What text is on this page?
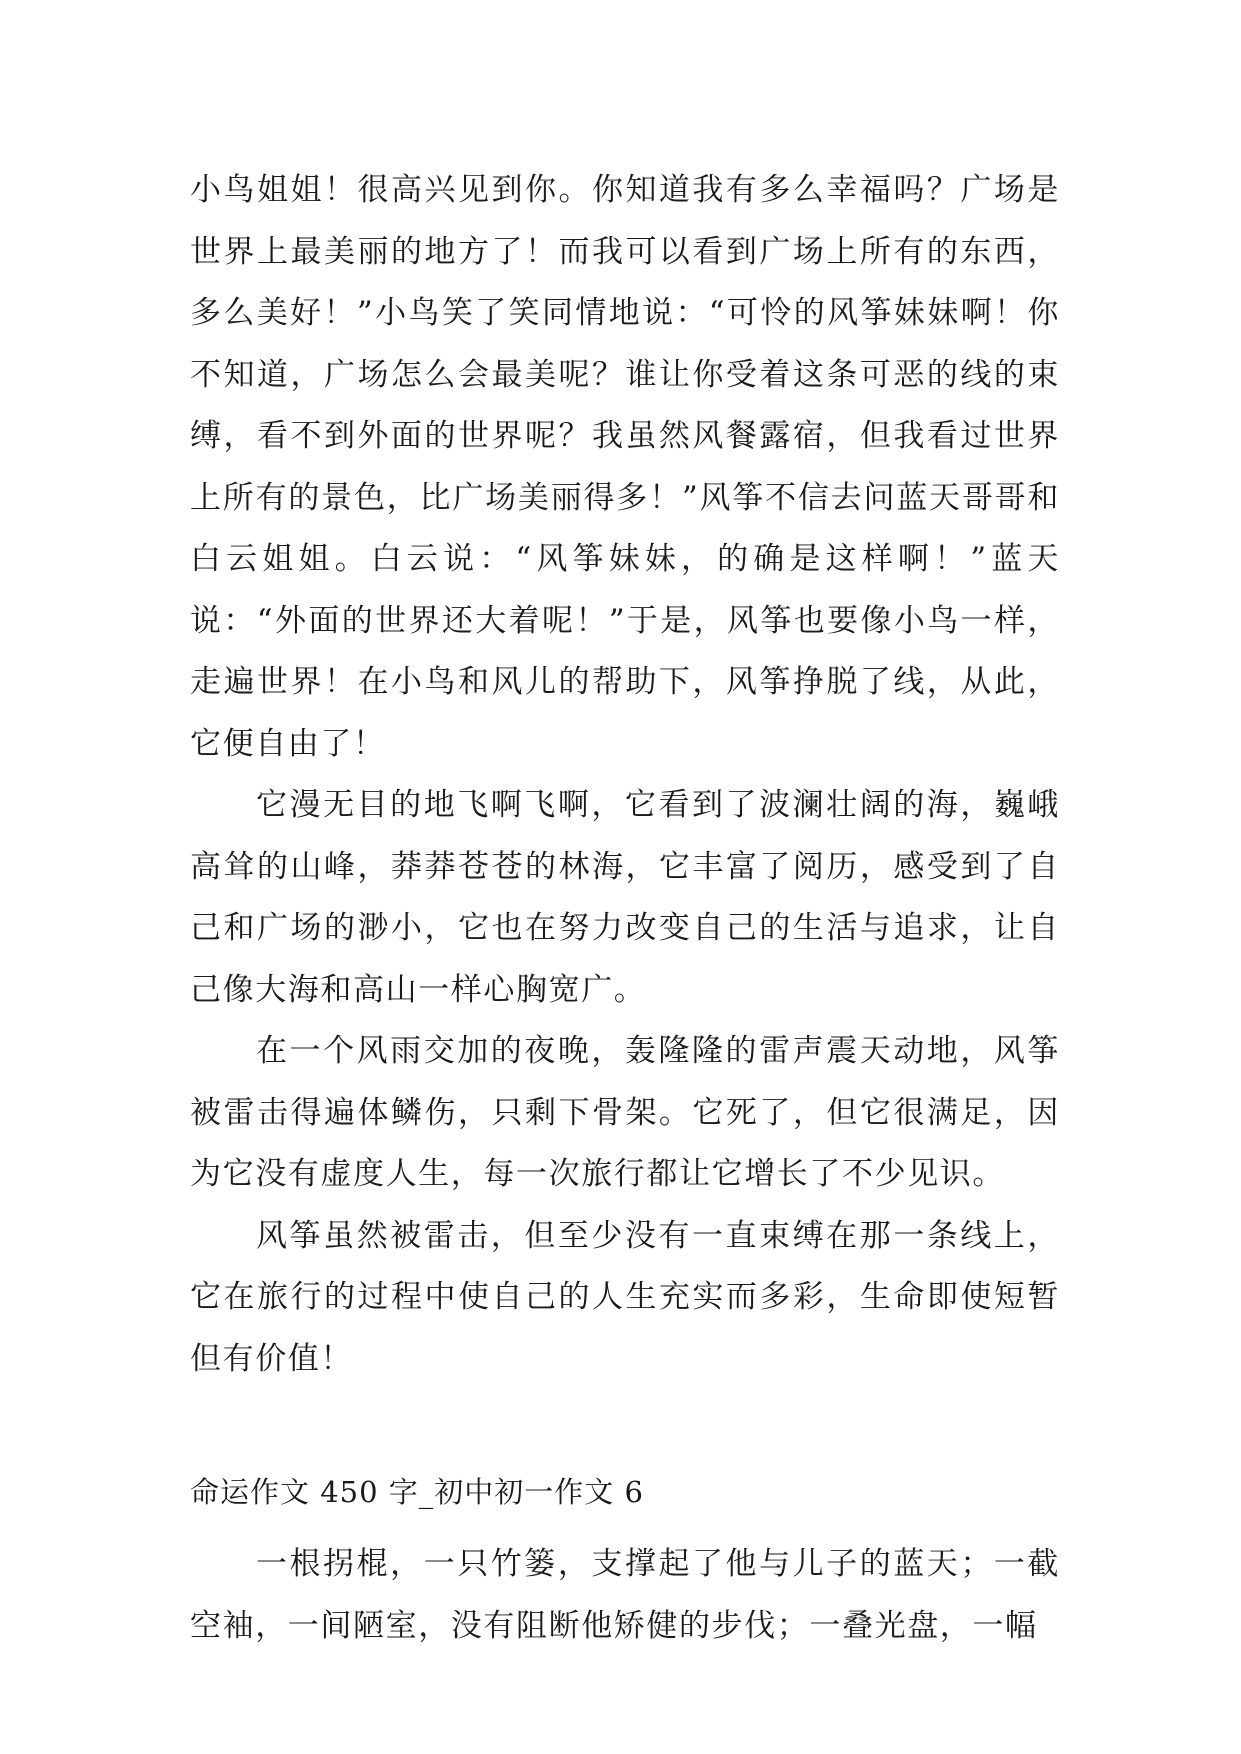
小鸟姐姐！很高兴见到你。你知道我有多么幸福吗？广场是世界上最美丽的地方了！而我可以看到广场上所有的东西，多么美好！”小鸟笑了笑同情地说：“可怜的风筝妹妹啊！你不知道，广场怎么会最美呢？谁让你受着这条可恶的线的束缚，看不到外面的世界呢？我虽然风餐露宿，但我看过世界上所有的景色，比广场美丽得多！”风筝不信去问蓝天哥哥和白云姐姐。白云说：“风筝妹妹，的确是这样啊！”蓝天说：“外面的世界还大着呢！”于是，风筝也要像小鸟一样，走遍世界！在小鸟和风儿的帮助下，风筝挣脱了线，从此，它便自由了！

它漫无目的地飞啊飞啊，它看到了波澜壮阔的海，巍峨高耸的山峰，莽莽苍苍的林海，它丰富了阅历，感受到了自己和广场的渺小，它也在努力改变自己的生活与追求，让自己像大海和高山一样心胸宽广。

在一个风雨交加的夜晚，轰隆隆的雷声震天动地，风筝被雷击得遍体鳞伤，只剩下骨架。它死了，但它很满足，因为它没有虚度人生，每一次旅行都让它增长了不少见识。

风筝虽然被雷击，但至少没有一直束缚在那一条线上，它在旅行的过程中使自己的人生充实而多彩，生命即使短暂但有价值！

命运作文 450 字_初中初一作文 6

一根拐棍，一只竹篓，支撑起了他与儿子的蓝天；一截空袖，一间陋室，没有阻断他矫健的步伐；一叠光盘，一幅
